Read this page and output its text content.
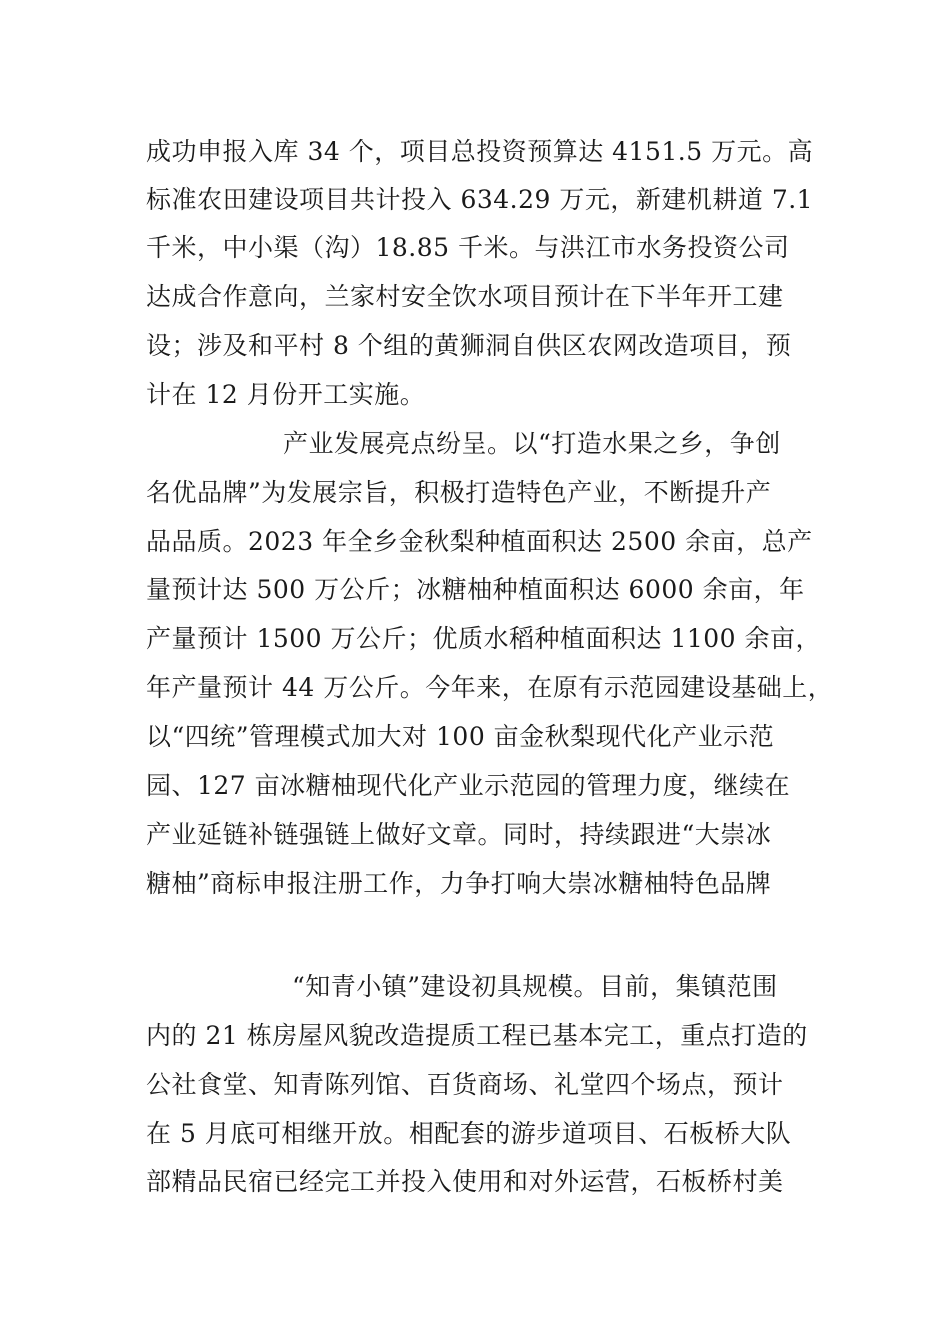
成功申报入库 34 个，项目总投资预算达 4151.5 万元。高
标准农田建设项目共计投入 634.29 万元，新建机耕道 7.1
千米，中小渠（沟）18.85 千米。与洪江市水务投资公司
达成合作意向，兰家村安全饮水项目预计在下半年开工建
设；涉及和平村 8 个组的黄狮洞自供区农网改造项目，预
计在 12 月份开工实施。
产业发展亮点纷呈。以“打造水果之乡，争创
名优品牌”为发展宗旨，积极打造特色产业，不断提升产
品品质。2023 年全乡金秋梨种植面积达 2500 余亩，总产
量预计达 500 万公斤；冰糖柚种植面积达 6000 余亩，年
产量预计 1500 万公斤；优质水稻种植面积达 1100 余亩，
年产量预计 44 万公斤。今年来，在原有示范园建设基础上，
以“四统”管理模式加大对 100 亩金秋梨现代化产业示范
园、127 亩冰糖柚现代化产业示范园的管理力度，继续在
产业延链补链强链上做好文章。同时，持续跟进“大崇冰
糖柚”商标申报注册工作，力争打响大崇冰糖柚特色品牌
“知青小镇”建设初具规模。目前，集镇范围
内的 21 栋房屋风貌改造提质工程已基本完工，重点打造的
公社食堂、知青陈列馆、百货商场、礼堂四个场点，预计
在 5 月底可相继开放。相配套的游步道项目、石板桥大队
部精品民宿已经完工并投入使用和对外运营，石板桥村美
